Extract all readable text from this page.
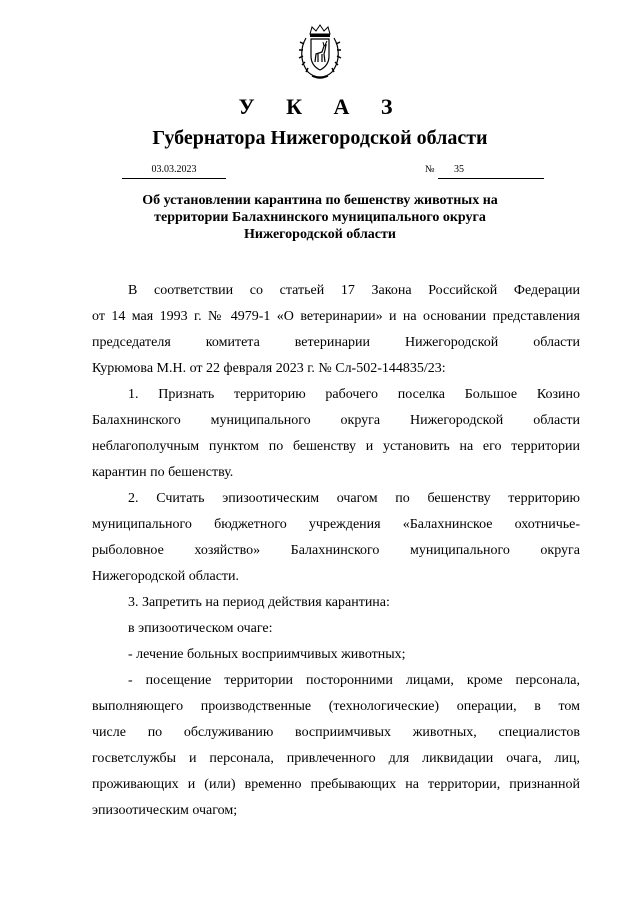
У К А З
Губернатора Нижегородской области
03.03.2023	№	35
Об установлении карантина по бешенству животных на
территории Балахнинского муниципального округа
Нижегородской области
В соответствии со статьей 17 Закона Российской Федерации
от 14 мая 1993 г. № 4979-1 «О ветеринарии» и на основании представления
председателя комитета ветеринарии Нижегородской области
Курюмова М.Н. от 22 февраля 2023 г. № Сл-502-144835/23:
1. Признать территорию рабочего поселка Большое Козино
Балахнинского муниципального округа Нижегородской области
неблагополучным пунктом по бешенству и установить на его территории
карантин по бешенству.
2. Считать эпизоотическим очагом по бешенству территорию
муниципального бюджетного учреждения «Балахнинское охотничье-
рыболовное хозяйство» Балахнинского муниципального округа
Нижегородской области.
3. Запретить на период действия карантина:
в эпизоотическом очаге:
- лечение больных восприимчивых животных;
- посещение территории посторонними лицами, кроме персонала,
выполняющего производственные (технологические) операции, в том
числе по обслуживанию восприимчивых животных, специалистов
госветслужбы и персонала, привлеченного для ликвидации очага, лиц,
проживающих и (или) временно пребывающих на территории, признанной
эпизоотическим очагом;
